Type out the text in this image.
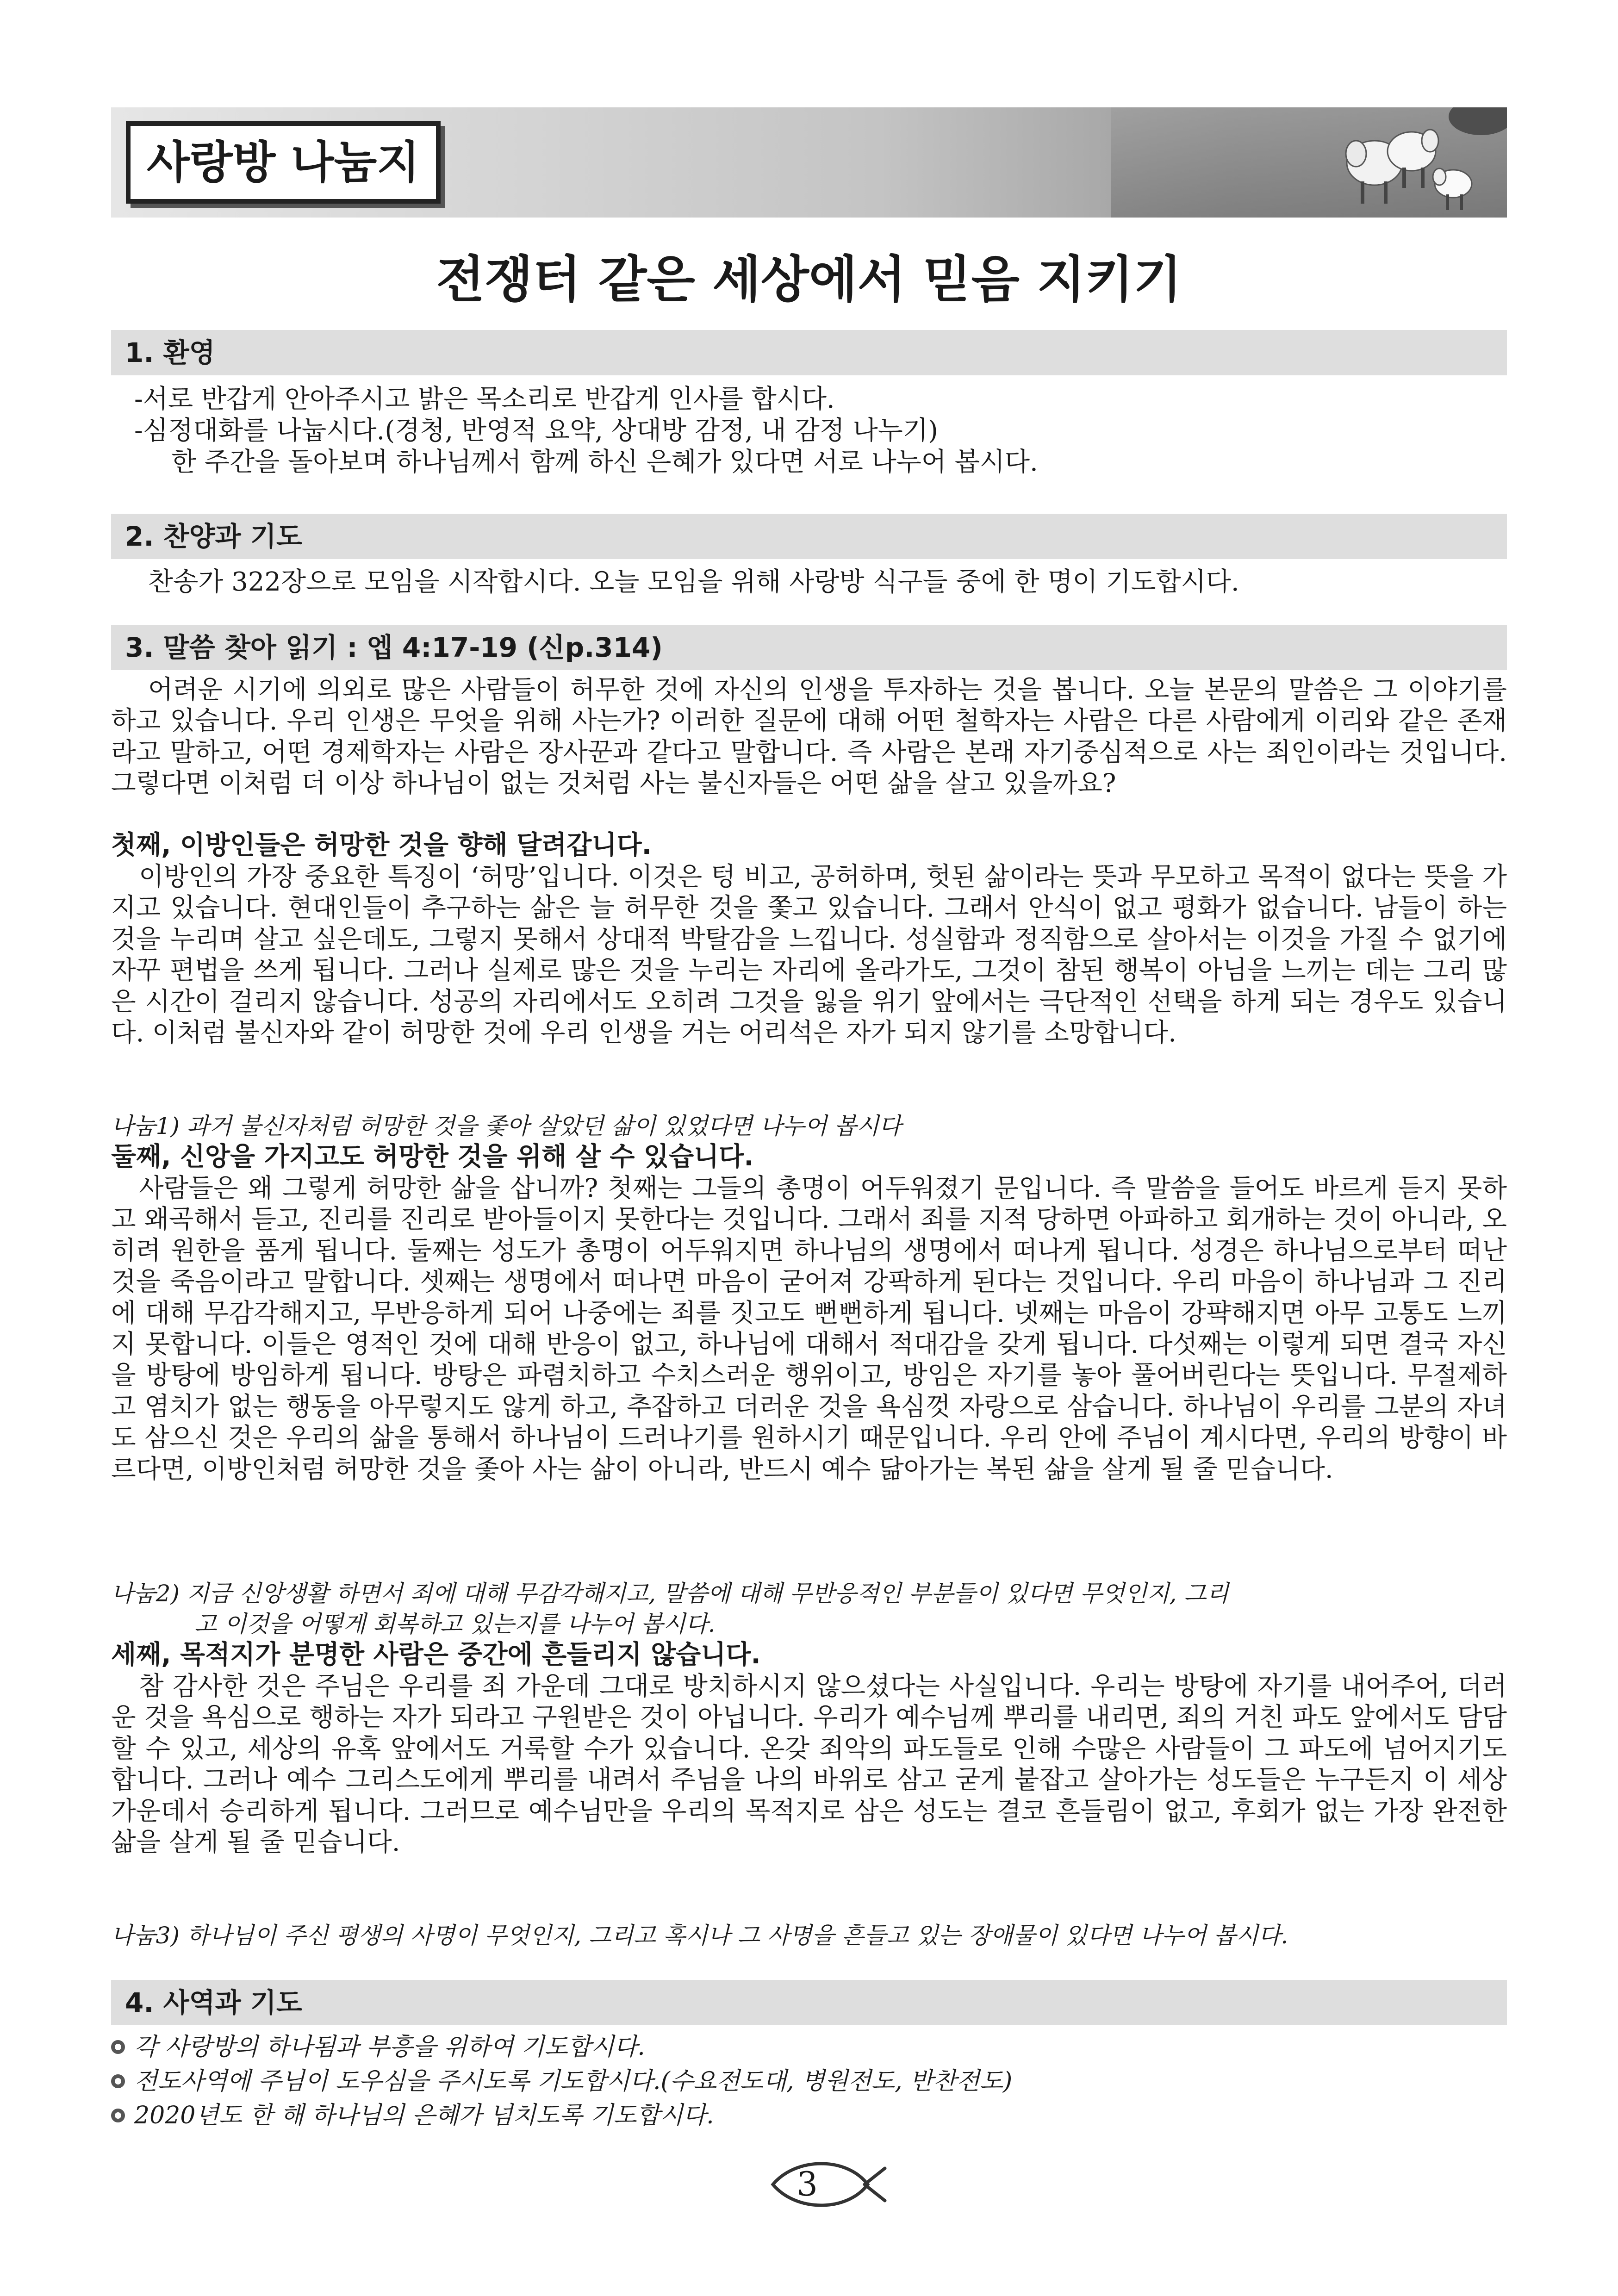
사랑방 나눔지
전쟁터 같은 세상에서 믿음 지키기
1. 환영
-서로 반갑게 안아주시고 밝은 목소리로 반갑게 인사를 합시다.
-심정대화를 나눕시다.(경청, 반영적 요약, 상대방 감정, 내 감정 나누기)
한 주간을 돌아보며 하나님께서 함께 하신 은혜가 있다면 서로 나누어 봅시다.
2. 찬양과 기도
찬송가 322장으로 모임을 시작합시다. 오늘 모임을 위해 사랑방 식구들 중에 한 명이 기도합시다.
3. 말씀 찾아 읽기 : 엡 4:17-19 (신p.314)
어려운 시기에 의외로 많은 사람들이 허무한 것에 자신의 인생을 투자하는 것을 봅니다. 오늘 본문의 말씀은 그 이야기를 하고 있습니다. 우리 인생은 무엇을 위해 사는가? 이러한 질문에 대해 어떤 철학자는 사람은 다른 사람에게 이리와 같은 존재라고 말하고, 어떤 경제학자는 사람은 장사꾼과 같다고 말합니다. 즉 사람은 본래 자기중심적으로 사는 죄인이라는 것입니다. 그렇다면 이처럼 더 이상 하나님이 없는 것처럼 사는 불신자들은 어떤 삶을 살고 있을까요?
첫째, 이방인들은 허망한 것을 향해 달려갑니다.
이방인의 가장 중요한 특징이 ‘허망’입니다. 이것은 텅 비고, 공허하며, 헛된 삶이라는 뜻과 무모하고 목적이 없다는 뜻을 가지고 있습니다. 현대인들이 추구하는 삶은 늘 허무한 것을 쫓고 있습니다. 그래서 안식이 없고 평화가 없습니다. 남들이 하는 것을 누리며 살고 싶은데도, 그렇지 못해서 상대적 박탈감을 느낍니다. 성실함과 정직함으로 살아서는 이것을 가질 수 없기에 자꾸 편법을 쓰게 됩니다. 그러나 실제로 많은 것을 누리는 자리에 올라가도, 그것이 참된 행복이 아님을 느끼는 데는 그리 많은 시간이 걸리지 않습니다. 성공의 자리에서도 오히려 그것을 잃을 위기 앞에서는 극단적인 선택을 하게 되는 경우도 있습니다. 이처럼 불신자와 같이 허망한 것에 우리 인생을 거는 어리석은 자가 되지 않기를 소망합니다.
나눔1) 과거 불신자처럼 허망한 것을 좇아 살았던 삶이 있었다면 나누어 봅시다
둘째, 신앙을 가지고도 허망한 것을 위해 살 수 있습니다.
사람들은 왜 그렇게 허망한 삶을 삽니까? 첫째는 그들의 총명이 어두워졌기 문입니다. 즉 말씀을 들어도 바르게 듣지 못하고 왜곡해서 듣고, 진리를 진리로 받아들이지 못한다는 것입니다. 그래서 죄를 지적 당하면 아파하고 회개하는 것이 아니라, 오히려 원한을 품게 됩니다. 둘째는 성도가 총명이 어두워지면 하나님의 생명에서 떠나게 됩니다. 성경은 하나님으로부터 떠난 것을 죽음이라고 말합니다. 셋째는 생명에서 떠나면 마음이 굳어져 강팍하게 된다는 것입니다. 우리 마음이 하나님과 그 진리에 대해 무감각해지고, 무반응하게 되어 나중에는 죄를 짓고도 뻔뻔하게 됩니다. 넷째는 마음이 강퍅해지면 아무 고통도 느끼지 못합니다. 이들은 영적인 것에 대해 반응이 없고, 하나님에 대해서 적대감을 갖게 됩니다. 다섯째는 이렇게 되면 결국 자신을 방탕에 방임하게 됩니다. 방탕은 파렴치하고 수치스러운 행위이고, 방임은 자기를 놓아 풀어버린다는 뜻입니다. 무절제하고 염치가 없는 행동을 아무렇지도 않게 하고, 추잡하고 더러운 것을 욕심껏 자랑으로 삼습니다. 하나님이 우리를 그분의 자녀도 삼으신 것은 우리의 삶을 통해서 하나님이 드러나기를 원하시기 때문입니다. 우리 안에 주님이 계시다면, 우리의 방향이 바르다면, 이방인처럼 허망한 것을 좇아 사는 삶이 아니라, 반드시 예수 닮아가는 복된 삶을 살게 될 줄 믿습니다.
나눔2) 지금 신앙생활 하면서 죄에 대해 무감각해지고, 말씀에 대해 무반응적인 부분들이 있다면 무엇인지, 그리
고 이것을 어떻게 회복하고 있는지를 나누어 봅시다.
세째, 목적지가 분명한 사람은 중간에 흔들리지 않습니다.
참 감사한 것은 주님은 우리를 죄 가운데 그대로 방치하시지 않으셨다는 사실입니다. 우리는 방탕에 자기를 내어주어, 더러운 것을 욕심으로 행하는 자가 되라고 구원받은 것이 아닙니다. 우리가 예수님께 뿌리를 내리면, 죄의 거친 파도 앞에서도 담담할 수 있고, 세상의 유혹 앞에서도 거룩할 수가 있습니다. 온갖 죄악의 파도들로 인해 수많은 사람들이 그 파도에 넘어지기도 합니다. 그러나 예수 그리스도에게 뿌리를 내려서 주님을 나의 바위로 삼고 굳게 붙잡고 살아가는 성도들은 누구든지 이 세상 가운데서 승리하게 됩니다. 그러므로 예수님만을 우리의 목적지로 삼은 성도는 결코 흔들림이 없고, 후회가 없는 가장 완전한 삶을 살게 될 줄 믿습니다.
나눔3) 하나님이 주신 평생의 사명이 무엇인지, 그리고 혹시나 그 사명을 흔들고 있는 장애물이 있다면 나누어 봅시다.
4. 사역과 기도
각 사랑방의 하나됨과 부흥을 위하여 기도합시다.
전도사역에 주님이 도우심을 주시도록 기도합시다.(수요전도대, 병원전도, 반찬전도)
2020년도 한 해 하나님의 은혜가 넘치도록 기도합시다.
3
